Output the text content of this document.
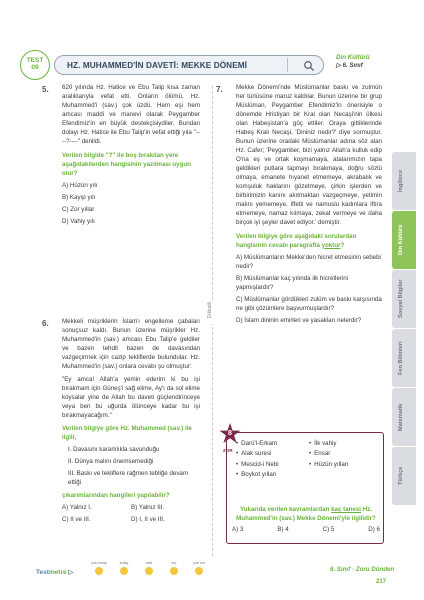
TEST
09	HZ. MUHAMMED'İN DAVETİ: MEKKE DÖNEMİ
Din Kültürü
▷ 6. Sınıf
5. 620 yılında Hz. Hatice ve Ebu Talip kısa zaman aralıklarıyla vefat etti. Onların ölümü, Hz. Muhammed'i (sav.) çok üzdü. Hem eşi hem amcası maddi ve manevi olarak Peygamber Efendimiz'in en büyük destekçisiydiler. Bundan dolayı Hz. Hatice ile Ebu Talip'in vefat ettiği yıla "----?----" denildi.

Verilen bilgide "?" ile boş bırakılan yere aşağıdakilerden hangisinin yazılması uygun olur?

A) Hüzün yılı
B) Kayıp yılı
C) Zor yıllar
D) Vahiy yılı
6. Mekkeli müşriklerin İslam'ı engelleme çabaları sonuçsuz kaldı. Bunun üzerine müşrikler Hz. Muhammed'in (sav.) amcası Ebu Talip'e geldiler ve bazen tehdit bazen de davasından vazgeçirmek için cazip tekliflerde bulundular. Hz. Muhammed'in (sav.) onlara cevabı şu olmuştur:

"Ey amca! Allah'a yemin ederim ki bu işi bırakmam için Güneş'i sağ elime, Ay'ı da sol elime koysalar yine de Allah bu daveti güçlendirinceye veya ben bu uğurda ölünceye kadar bu işi bırakmayacağım."

Verilen bilgiye göre Hz. Muhammed (sav.) ile ilgili;

I. Davasını kararlılıkla savunduğu
II. Dünya malını önemsemediği
III. Baskı ve tekliflere rağmen tebliğe devam ettiği

çıkarımlarından hangileri yapılabilir?

A) Yalnız I.	B) Yalnız III.
C) II ve III.	D) I, II ve III.
Dikkatli
7. Mekke Dönemi'nde Müslümanlar baskı ve zulmün her türlüsüne maruz kaldılar. Bunun üzerine bir grup Müslüman, Peygamber Efendimiz'in önerisiyle o dönemde Hristiyan bir Kral olan Necaşi'nin ülkesi olan Habeşistan'a göç ettiler. Oraya gittiklerinde Habeş Kralı Necaşi, 'Dininiz nedir?' diye sormuştur. Bunun üzerine oradaki Müslümanlar adına söz alan Hz. Cafer; 'Peygamber, bizi yalnız Allah'a kulluk edip O'na eş ve ortak koşmamaya, atalarımızın tapa geldikleri putlara tapmayı bırakmaya, doğru sözlü olmaya, emanete hıyanet etmemeye, akrabalık ve komşuluk haklarını gözetmeye, çirkin işlerden ve birbirimizin kanını akıtmaktan vazgeçmeye, yetimin malını yememeye, iffetli ve namuslu kadınlara iftira etmemeye, namaz kılmaya, zekat vermeye ve daha birçok iyi şeyler davet ediyor.' demiştir.

Verilen bilgiye göre aşağıdaki sorulardan hangisinin cevabı paragrafta yoktur?

A) Müslümanların Mekke'den hicret etmesinin sebebi nedir?
B) Müslümanlar kaç yılında ilk hicretlerini yapmışlardır?
C) Müslümanlar gördükleri zulüm ve baskı karşısında ne gibi çözümlere başvurmuşlardır?
D) İslam dininin emirleri ve yasakları nelerdir?
8
ZOR
• Darü'l-Erkam	• İlk vahiy
• Alak suresi	• Ensar
• Mescid-i Nebi	• Hüzün yılları
• Boykot yılları

Yukarıda verilen kavramlardan kaç tanesi Hz. Muhammed'in (sav.) Mekke Dönemi'yle ilgilidir?

A) 3	B) 4	C) 5	D) 6
İngilizce
Din Kültürü
Sosyal Bilgiler
Fen Bilimleri
Matematik
Türkçe
Testmetre ▷
çok kolay	kolay	orta	zor	çok zor
6. Sınıf · Zoru Dünden
217
